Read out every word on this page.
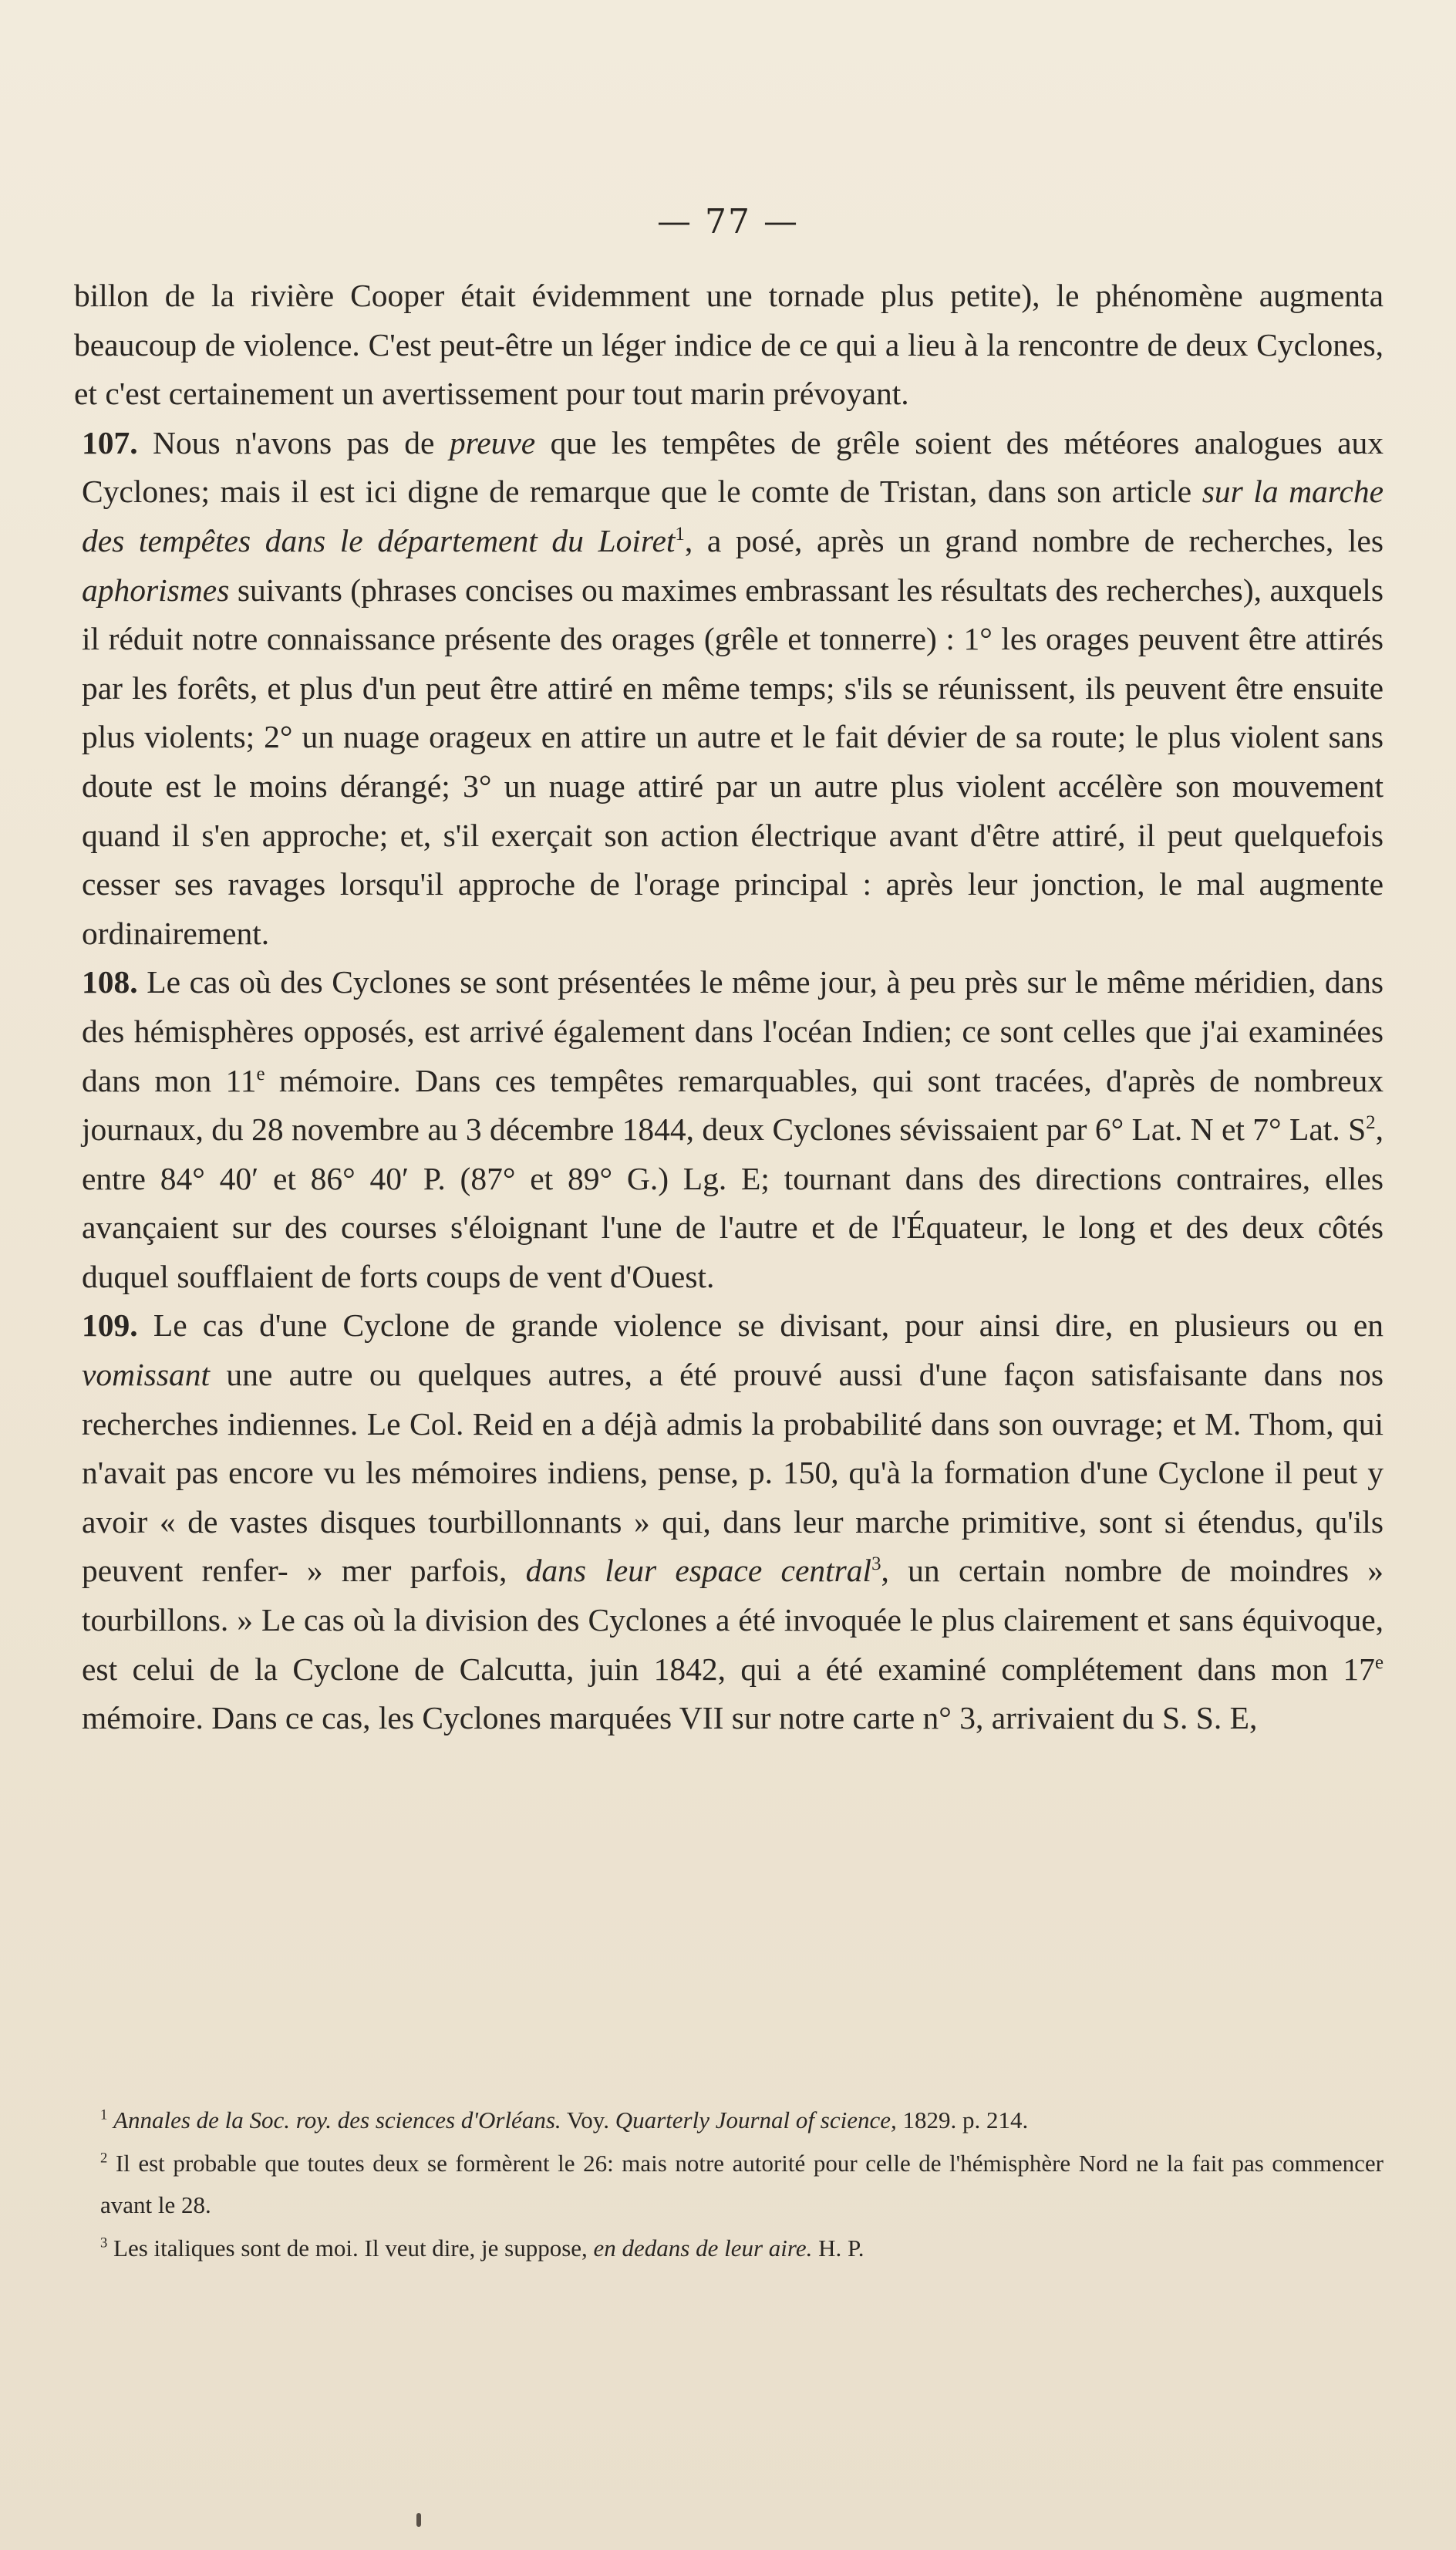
— 77 —

billon de la rivière Cooper était évidemment une tornade plus petite), le phénomène augmenta beaucoup de violence. C'est peut-être un léger indice de ce qui a lieu à la rencontre de deux Cyclones, et c'est certainement un avertissement pour tout marin prévoyant.

107. Nous n'avons pas de preuve que les tempêtes de grêle soient des météores analogues aux Cyclones; mais il est ici digne de remarque que le comte de Tristan, dans son article sur la marche des tempêtes dans le département du Loiret$^1$, a posé, après un grand nombre de recherches, les aphorismes suivants (phrases concises ou maximes embrassant les résultats des recherches), auxquels il réduit notre connaissance présente des orages (grêle et tonnerre) : 1° les orages peuvent être attirés par les forêts, et plus d'un peut être attiré en même temps; s'ils se réunissent, ils peuvent être ensuite plus violents; 2° un nuage orageux en attire un autre et le fait dévier de sa route; le plus violent sans doute est le moins dérangé; 3° un nuage attiré par un autre plus violent accélère son mouvement quand il s'en approche; et, s'il exerçait son action électrique avant d'être attiré, il peut quelquefois cesser ses ravages lorsqu'il approche de l'orage principal : après leur jonction, le mal augmente ordinairement.

108. Le cas où des Cyclones se sont présentées le même jour, à peu près sur le même méridien, dans des hémisphères opposés, est arrivé également dans l'océan Indien; ce sont celles que j'ai examinées dans mon 11e mémoire. Dans ces tempêtes remarquables, qui sont tracées, d'après de nombreux journaux, du 28 novembre au 3 décembre 1844, deux Cyclones sévissaient par 6° Lat. N et 7° Lat. $S^2$, entre 84° 40′ et 86° 40′ P. (87° et 89° G.) Lg. E; tournant dans des directions contraires, elles avançaient sur des courses s'éloignant l'une de l'autre et de l'Équateur, le long et des deux côtés duquel soufflaient de forts coups de vent d'Ouest.

109. Le cas d'une Cyclone de grande violence se divisant, pour ainsi dire, en plusieurs ou en vomissant une autre ou quelques autres, a été prouvé aussi d'une façon satisfaisante dans nos recherches indiennes. Le Col. Reid en a déjà admis la probabilité dans son ouvrage; et M. Thom, qui n'avait pas encore vu les mémoires indiens, pense, p. 150, qu'à la formation d'une Cyclone il peut y avoir « de vastes disques tourbillonnants » qui, dans leur marche primitive, sont si étendus, qu'ils peuvent renfer- » mer parfois, dans leur espace central$^3$, un certain nombre de moindres » tourbillons. » Le cas où la division des Cyclones a été invoquée le plus clairement et sans équivoque, est celui de la Cyclone de Calcutta, juin 1842, qui a été examiné complétement dans mon 17e mémoire. Dans ce cas, les Cyclones marquées VII sur notre carte n° 3, arrivaient du S. S. E,

$^1$ Annales de la Soc. roy. des sciences d'Orléans. Voy. Quarterly Journal of science, 1829. p. 214.

$^2$ Il est probable que toutes deux se formèrent le 26: mais notre autorité pour celle de l'hémisphère Nord ne la fait pas commencer avant le 28.

$^3$ Les italiques sont de moi. Il veut dire, je suppose, en dedans de leur aire. H. P.
